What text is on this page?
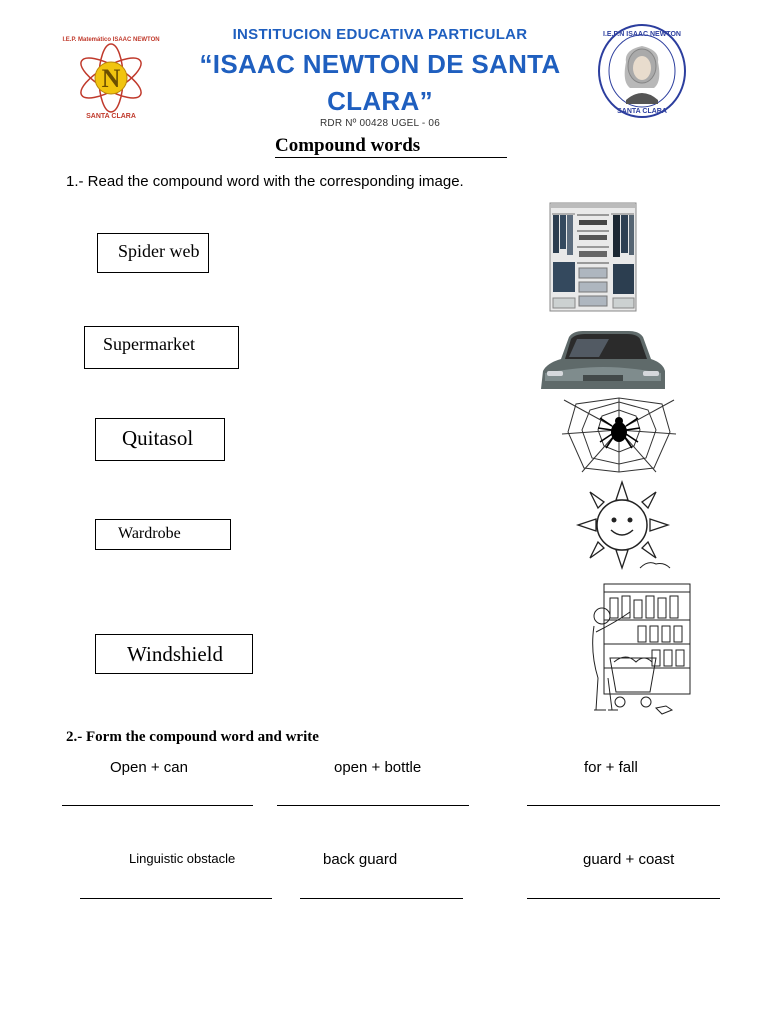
N
I.E.P. Matemático ISAAC NEWTON
SANTA CLARA
INSTITUCION EDUCATIVA PARTICULAR
“ISAAC NEWTON DE SANTA
CLARA”
RDR Nº 00428 UGEL - 06
I.E.P.N ISAAC NEWTON
SANTA CLARA
Compound words
1.- Read the compound word with the corresponding image.
Spider web
Supermarket
Quitasol
Wardrobe
Windshield
2.- Form the compound word and write
Open + can	open + bottle	for + fall
Linguistic obstacle	back guard	guard + coast
